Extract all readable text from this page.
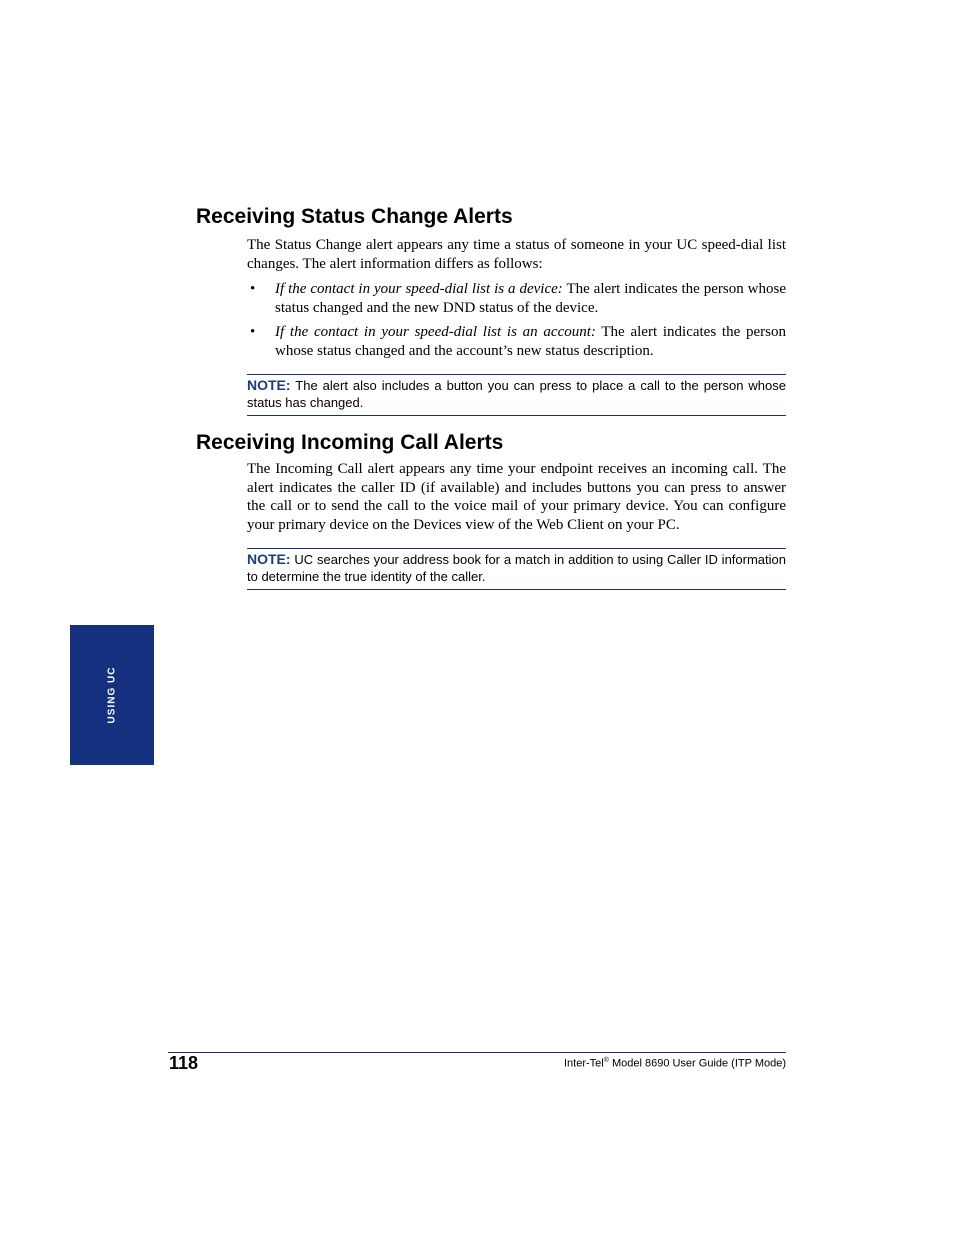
Receiving Status Change Alerts

The Status Change alert appears any time a status of someone in your UC speed-dial list changes. The alert information differs as follows:

• If the contact in your speed-dial list is a device: The alert indicates the person whose status changed and the new DND status of the device.
• If the contact in your speed-dial list is an account: The alert indicates the person whose status changed and the account’s new status description.
NOTE: The alert also includes a button you can press to place a call to the person whose status has changed.
Receiving Incoming Call Alerts

The Incoming Call alert appears any time your endpoint receives an incoming call. The alert indicates the caller ID (if available) and includes buttons you can press to answer the call or to send the call to the voice mail of your primary device. You can configure your primary device on the Devices view of the Web Client on your PC.

NOTE: UC searches your address book for a match in addition to using Caller ID information to determine the true identity of the caller.
USING UC
118	Inter-Tel® Model 8690 User Guide (ITP Mode)
